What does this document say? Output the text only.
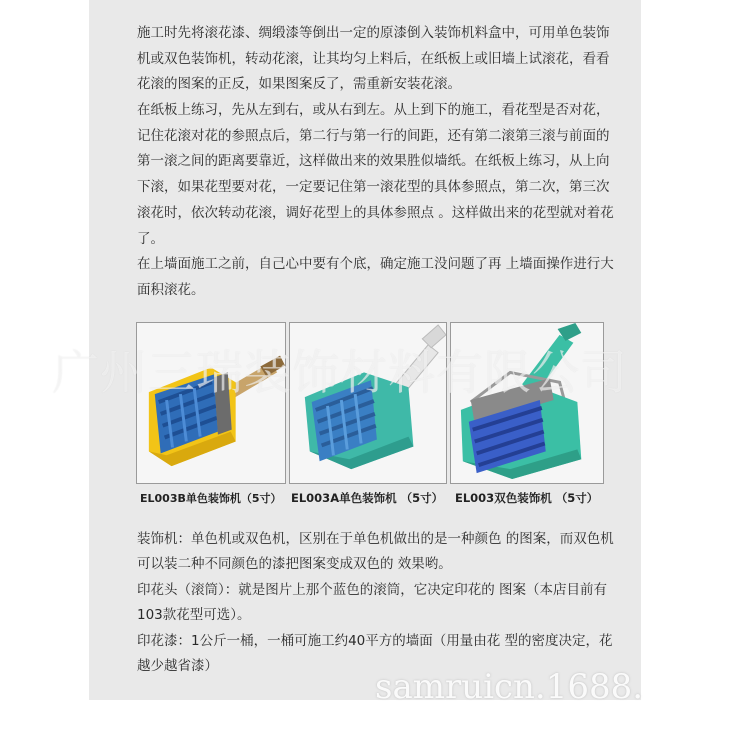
施工时先将滚花漆、绸缎漆等倒出一定的原漆倒入装饰机料盒中，可用单色装饰机或双色装饰机，转动花滚，让其均匀上料后，在纸板上或旧墙上试滚花，看看花滚的图案的正反，如果图案反了，需重新安装花滚。

在纸板上练习，先从左到右，或从右到左。从上到下的施工，看花型是否对花，记住花滚对花的参照点后，第二行与第一行的间距，还有第二滚第三滚与前面的第一滚之间的距离要靠近，这样做出来的效果胜似墙纸。在纸板上练习，从上向下滚，如果花型要对花，一定要记住第一滚花型的具体参照点，第二次，第三次滚花时，依次转动花滚，调好花型上的具体参照点 。这样做出来的花型就对着花了。

在上墙面施工之前，自己心中要有个底，确定施工没问题了再 上墙面操作进行大面积滚花。

EL003B单色装饰机（5寸） EL003A单色装饰机 （5寸） EL003双色装饰机 （5寸）

装饰机：单色机或双色机，区别在于单色机做出的是一种颜色 的图案，而双色机可以装二种不同颜色的漆把图案变成双色的 效果哟。

印花头（滚筒）：就是图片上那个蓝色的滚筒，它决定印花的 图案（本店目前有103款花型可选）。

印花漆：1公斤一桶，一桶可施工约40平方的墙面（用量由花 型的密度决定，花越少越省漆）

广州三瑞装饰材料有限公司
samruicn.1688.
